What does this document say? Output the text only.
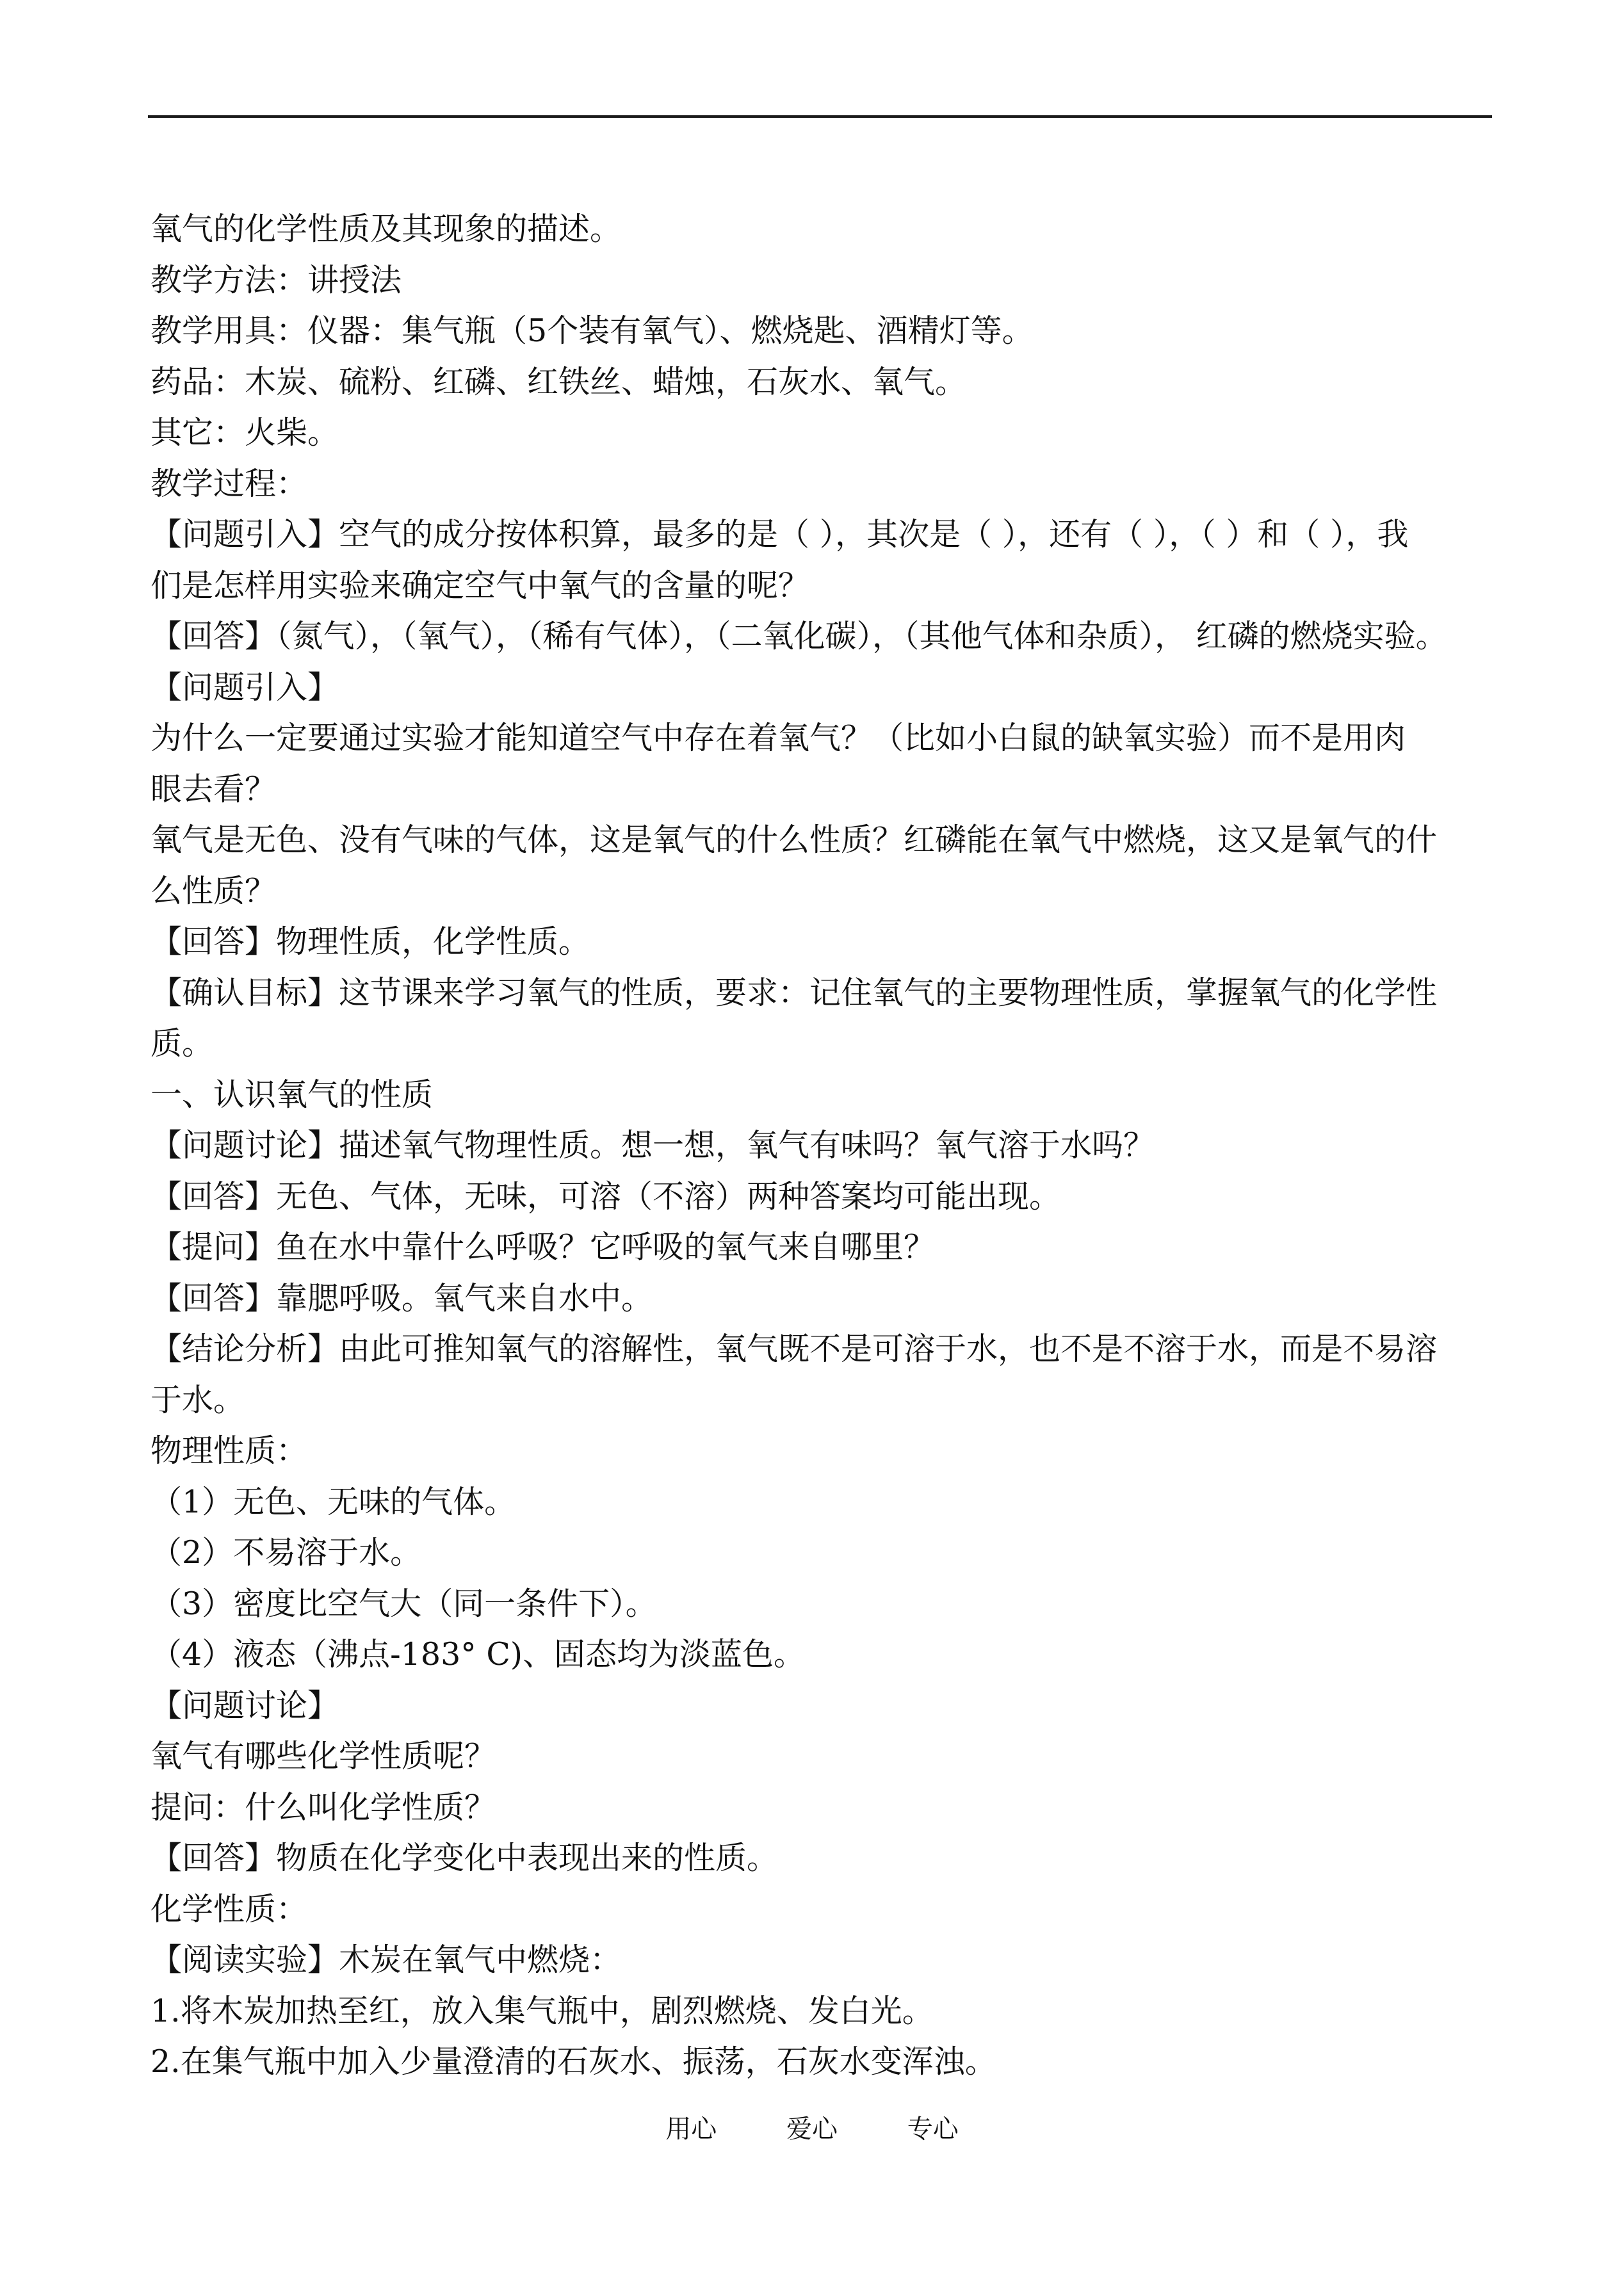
氧气的化学性质及其现象的描述。
教学方法：讲授法
教学用具：仪器：集气瓶（5个装有氧气）、燃烧匙、酒精灯等。
药品：木炭、硫粉、红磷、红铁丝、蜡烛，石灰水、氧气。
其它：火柴。
教学过程：
【问题引入】空气的成分按体积算，最多的是（ ），其次是（ ），还有（ ），（ ）和（ ），我
们是怎样用实验来确定空气中氧气的含量的呢？
【回答】（氮气），（氧气），（稀有气体），（二氧化碳），（其他气体和杂质）， 红磷的燃烧实验。
【问题引入】
为什么一定要通过实验才能知道空气中存在着氧气？（比如小白鼠的缺氧实验）而不是用肉
眼去看？
氧气是无色、没有气味的气体，这是氧气的什么性质？红磷能在氧气中燃烧，这又是氧气的什
么性质？
【回答】物理性质，化学性质。
【确认目标】这节课来学习氧气的性质，要求：记住氧气的主要物理性质，掌握氧气的化学性
质。
一、认识氧气的性质
【问题讨论】描述氧气物理性质。想一想，氧气有味吗？氧气溶于水吗？
【回答】无色、气体，无味，可溶（不溶）两种答案均可能出现。
【提问】鱼在水中靠什么呼吸？它呼吸的氧气来自哪里？
【回答】靠腮呼吸。氧气来自水中。
【结论分析】由此可推知氧气的溶解性，氧气既不是可溶于水，也不是不溶于水，而是不易溶
于水。
物理性质：
（1）无色、无味的气体。
（2）不易溶于水。
（3）密度比空气大（同一条件下）。
（4）液态（沸点-183° C)、固态均为淡蓝色。
【问题讨论】
氧气有哪些化学性质呢？
提问：什么叫化学性质？
【回答】物质在化学变化中表现出来的性质。
化学性质：
【阅读实验】木炭在氧气中燃烧：
1.将木炭加热至红，放入集气瓶中，剧烈燃烧、发白光。
2.在集气瓶中加入少量澄清的石灰水、振荡，石灰水变浑浊。
用心	爱心	专心
